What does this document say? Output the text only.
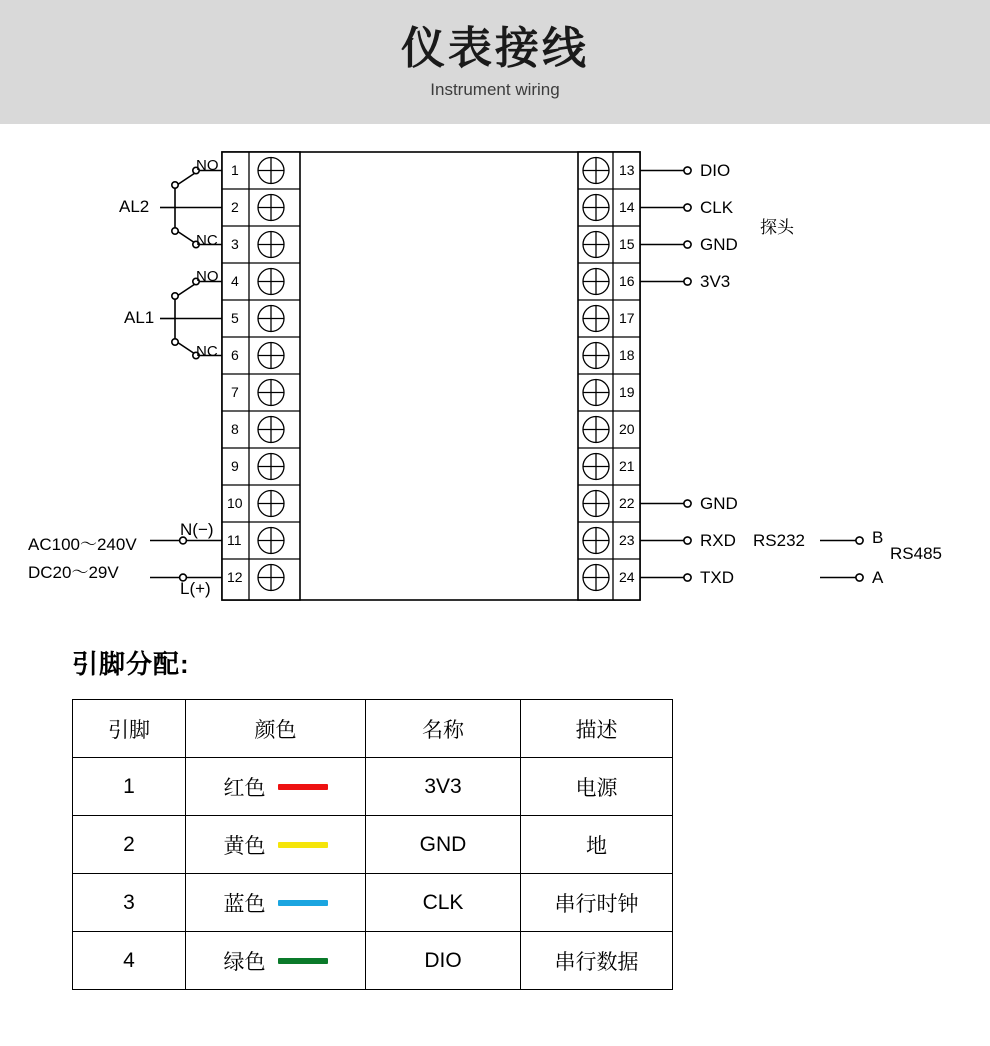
仪表接线
Instrument wiring
1
2
3
4
5
6
7
8
9
10
11
12
13
14
15
16
17
18
19
20
21
22
23
24
NO
NC
NO
NC
AL2
AL1
N(−)
L(+)
AC100～240V
DC20～29V
DIO
CLK
GND
3V3
探头
GND
RXD
TXD
RS232	B
A
RS485
引脚分配:
引脚	颜色	名称	描述
1	红色	3V3	电源
2	黄色	GND	地
3	蓝色	CLK	串行时钟
4	绿色	DIO	串行数据
